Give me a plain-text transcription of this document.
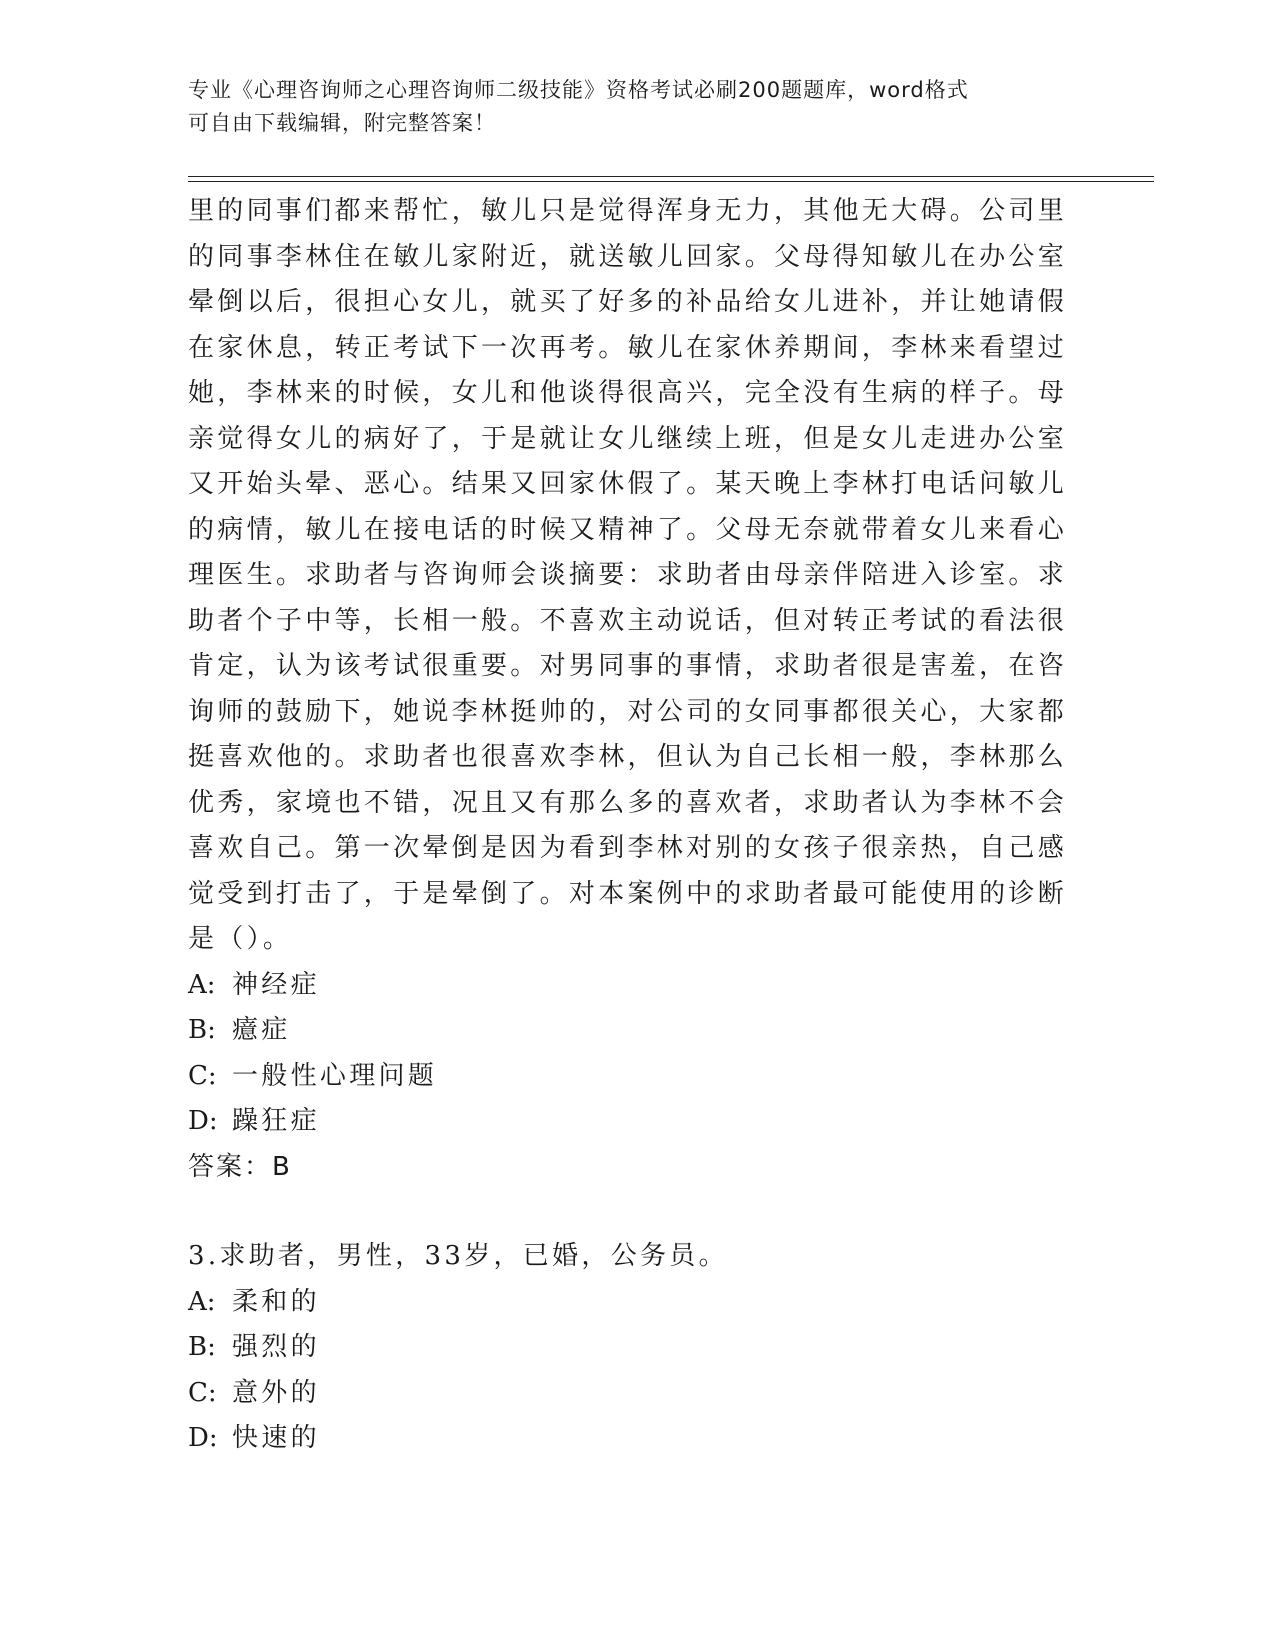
专业《心理咨询师之心理咨询师二级技能》资格考试必刷200题题库，word格式
可自由下载编辑，附完整答案！
里的同事们都来帮忙，敏儿只是觉得浑身无力，其他无大碍。公司里
的同事李林住在敏儿家附近，就送敏儿回家。父母得知敏儿在办公室
晕倒以后，很担心女儿，就买了好多的补品给女儿进补，并让她请假
在家休息，转正考试下一次再考。敏儿在家休养期间，李林来看望过
她，李林来的时候，女儿和他谈得很高兴，完全没有生病的样子。母
亲觉得女儿的病好了，于是就让女儿继续上班，但是女儿走进办公室
又开始头晕、恶心。结果又回家休假了。某天晚上李林打电话问敏儿
的病情，敏儿在接电话的时候又精神了。父母无奈就带着女儿来看心
理医生。求助者与咨询师会谈摘要：求助者由母亲伴陪进入诊室。求
助者个子中等，长相一般。不喜欢主动说话，但对转正考试的看法很
肯定，认为该考试很重要。对男同事的事情，求助者很是害羞，在咨
询师的鼓励下，她说李林挺帅的，对公司的女同事都很关心，大家都
挺喜欢他的。求助者也很喜欢李林，但认为自己长相一般，李林那么
优秀，家境也不错，况且又有那么多的喜欢者，求助者认为李林不会
喜欢自己。第一次晕倒是因为看到李林对别的女孩子很亲热，自己感
觉受到打击了，于是晕倒了。对本案例中的求助者最可能使用的诊断
是（）。
A: 神经症
B: 癔症
C: 一般性心理问题
D: 躁狂症
答案：B
3.求助者，男性，33岁，已婚，公务员。
A: 柔和的
B: 强烈的
C: 意外的
D: 快速的
